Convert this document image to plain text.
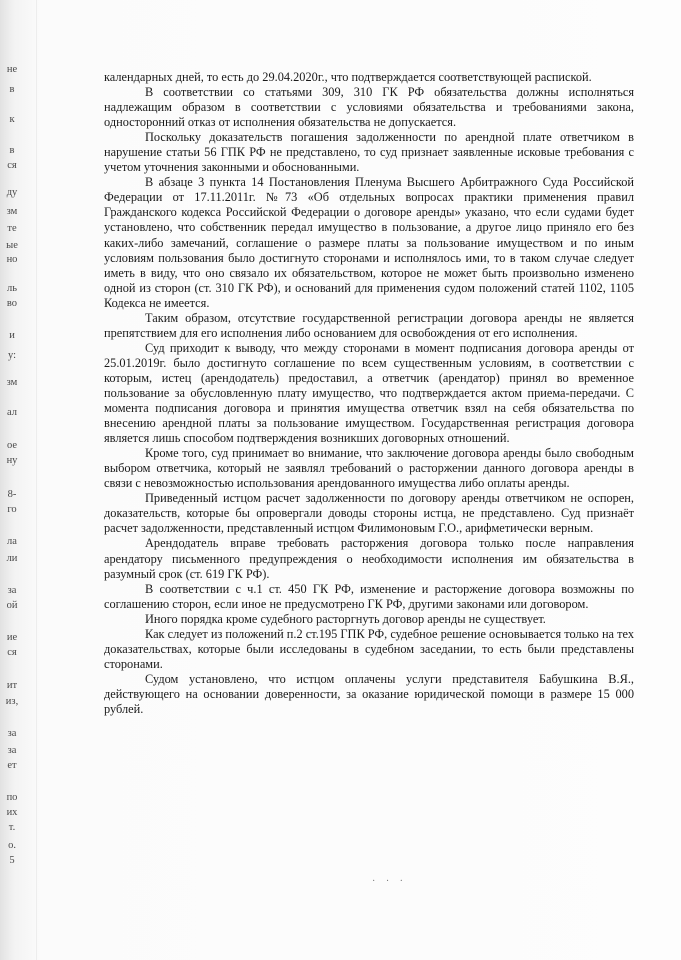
не
в
к
в
ся
ду
зм
те
ые
но
ль
во
и
у:
зм
ал
ое
ну
8-
го
ла
ли
за
ой
ие
ся
ит
из,
за
за
ет
по
их
т.
о.
5

календарных дней, то есть до 29.04.2020г., что подтверждается соответствующей распиской.

В соответствии со статьями 309, 310 ГК РФ обязательства должны исполняться надлежащим образом в соответствии с условиями обязательства и требованиями закона, односторонний отказ от исполнения обязательства не допускается.

Поскольку доказательств погашения задолженности по арендной плате ответчиком в нарушение статьи 56 ГПК РФ не представлено, то суд признает заявленные исковые требования с учетом уточнения законными и обоснованными.

В абзаце 3 пункта 14 Постановления Пленума Высшего Арбитражного Суда Российской Федерации от 17.11.2011г. №73 «Об отдельных вопросах практики применения правил Гражданского кодекса Российской Федерации о договоре аренды» указано, что если судами будет установлено, что собственник передал имущество в пользование, а другое лицо приняло его без каких-либо замечаний, соглашение о размере платы за пользование имуществом и по иным условиям пользования было достигнуто сторонами и исполнялось ими, то в таком случае следует иметь в виду, что оно связало их обязательством, которое не может быть произвольно изменено одной из сторон (ст. 310 ГК РФ), и оснований для применения судом положений статей 1102, 1105 Кодекса не имеется.

Таким образом, отсутствие государственной регистрации договора аренды не является препятствием для его исполнения либо основанием для освобождения от его исполнения.

Суд приходит к выводу, что между сторонами в момент подписания договора аренды от 25.01.2019г. было достигнуто соглашение по всем существенным условиям, в соответствии с которым, истец (арендодатель) предоставил, а ответчик (арендатор) принял во временное пользование за обусловленную плату имущество, что подтверждается актом приема-передачи. С момента подписания договора и принятия имущества ответчик взял на себя обязательства по внесению арендной платы за пользование имуществом. Государственная регистрация договора является лишь способом подтверждения возникших договорных отношений.

Кроме того, суд принимает во внимание, что заключение договора аренды было свободным выбором ответчика, который не заявлял требований о расторжении данного договора аренды в связи с невозможностью использования арендованного имущества либо оплаты аренды.

Приведенный истцом расчет задолженности по договору аренды ответчиком не оспорен, доказательств, которые бы опровергали доводы стороны истца, не представлено. Суд признаёт расчет задолженности, представленный истцом Филимоновым Г.О., арифметически верным.

Арендодатель вправе требовать расторжения договора только после направления арендатору письменного предупреждения о необходимости исполнения им обязательства в разумный срок (ст. 619 ГК РФ).

В соответствии с ч.1 ст. 450 ГК РФ, изменение и расторжение договора возможны по соглашению сторон, если иное не предусмотрено ГК РФ, другими законами или договором.

Иного порядка кроме судебного расторгнуть договор аренды не существует.

Как следует из положений п.2 ст.195 ГПК РФ, судебное решение основывается только на тех доказательствах, которые были исследованы в судебном заседании, то есть были представлены сторонами.

Судом установлено, что истцом оплачены услуги представителя Бабушкина В.Я., действующего на основании доверенности, за оказание юридической помощи в размере 15 000 рублей.

· · ·
